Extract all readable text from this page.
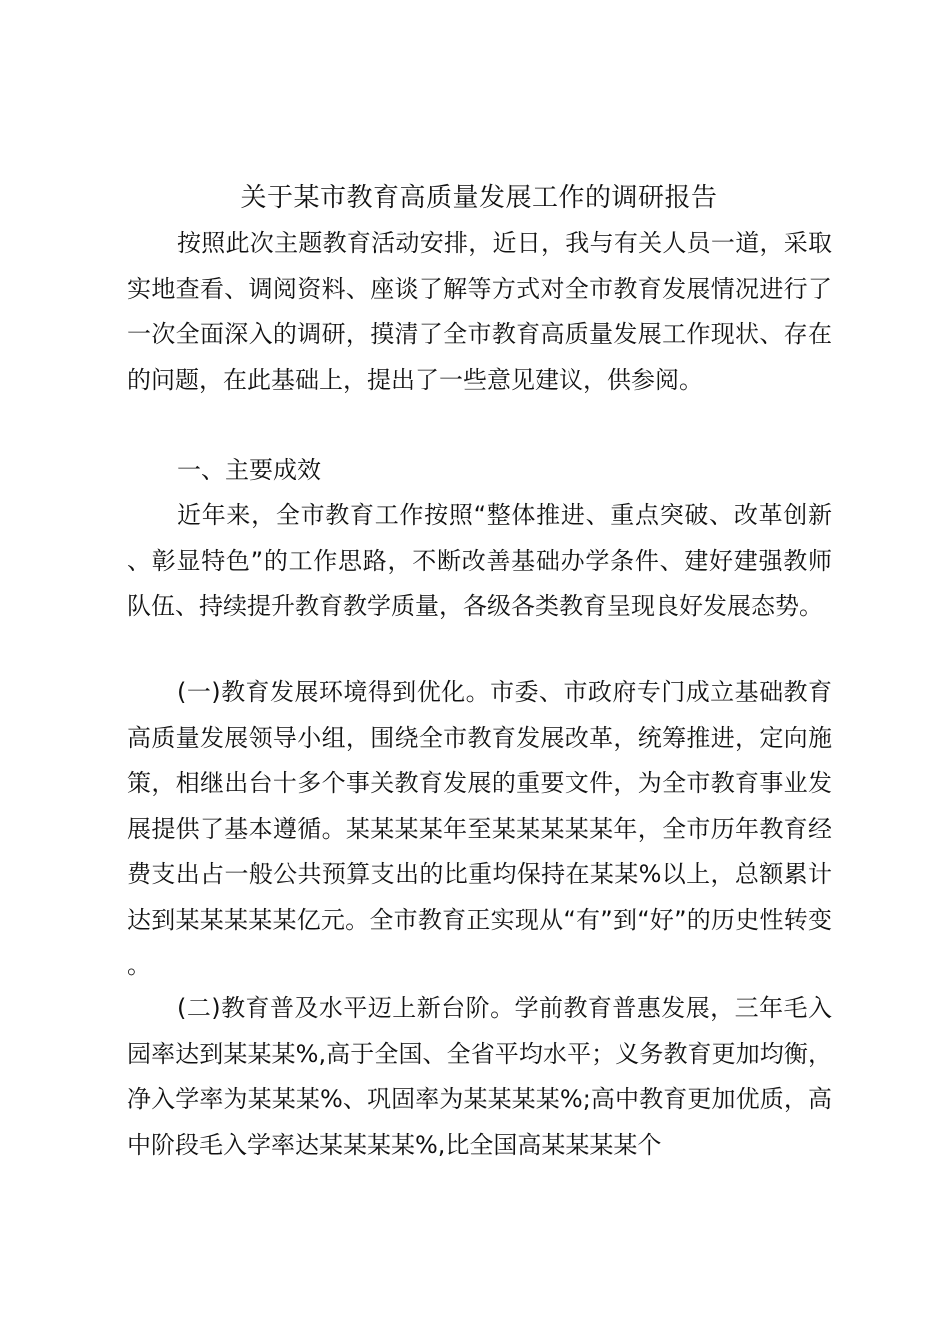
关于某市教育高质量发展工作的调研报告

按照此次主题教育活动安排，近日，我与有关人员一道，采取实地查看、调阅资料、座谈了解等方式对全市教育发展情况进行了一次全面深入的调研，摸清了全市教育高质量发展工作现状、存在的问题，在此基础上，提出了一些意见建议，供参阅。

一、主要成效

近年来，全市教育工作按照“整体推进、重点突破、改革创新、彰显特色”的工作思路，不断改善基础办学条件、建好建强教师队伍、持续提升教育教学质量，各级各类教育呈现良好发展态势。

(一)教育发展环境得到优化。市委、市政府专门成立基础教育高质量发展领导小组，围绕全市教育发展改革，统筹推进，定向施策，相继出台十多个事关教育发展的重要文件，为全市教育事业发展提供了基本遵循。某某某某年至某某某某某年，全市历年教育经费支出占一般公共预算支出的比重均保持在某某%以上，总额累计达到某某某某某亿元。全市教育正实现从“有”到“好”的历史性转变。

(二)教育普及水平迈上新台阶。学前教育普惠发展，三年毛入园率达到某某某%,高于全国、全省平均水平；义务教育更加均衡，净入学率为某某某%、巩固率为某某某某%;高中教育更加优质，高中阶段毛入学率达某某某某%,比全国高某某某某个
